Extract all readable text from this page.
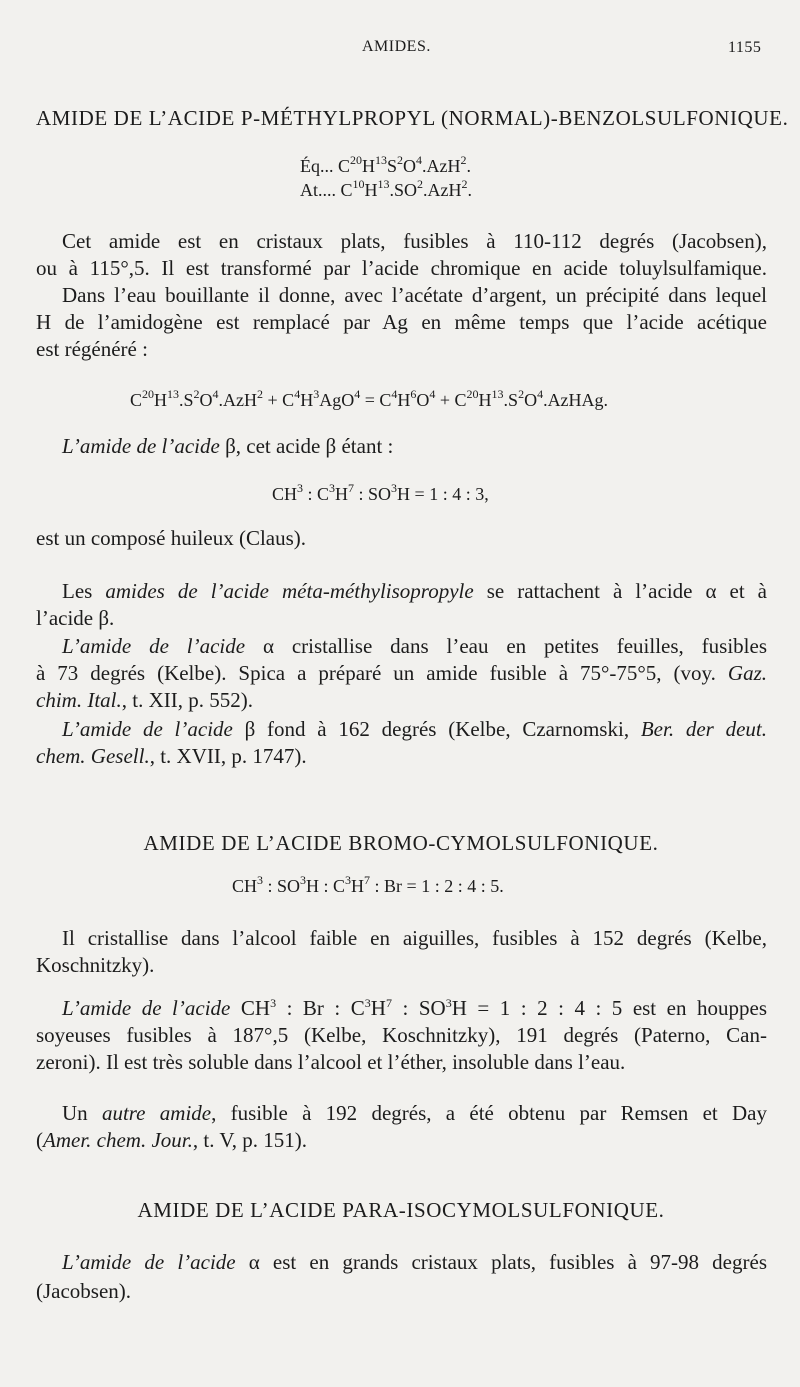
AMIDES.	1155
AMIDE DE L’ACIDE P-MÉTHYLPROPYL (NORMAL)-BENZOLSULFONIQUE.
Éq... $C^{20}H^{13}S^2O^4.AzH^2$.
At.... $C^{10}H^{13}.SO^2.AzH^2$.
Cet amide est en cristaux plats, fusibles à 110-112 degrés (Jacobsen),
ou à 115°,5. Il est transformé par l’acide chromique en acide toluylsulfamique.
Dans l’eau bouillante il donne, avec l’acétate d’argent, un précipité dans lequel
H de l’amidogène est remplacé par Ag en même temps que l’acide acétique
est régénéré :
$C^{20}H^{13}.S^2O^4.AzH^2 + C^4H^3AgO^4 = C^4H^6O^4$ + $C^{20}H^{13}.S^2O^4.AzHAg$.
L’amide de l’acide β, cet acide β étant :
$CH^3$ : $C^3H^7$ : $SO^3H = 1$ : 4 : 3,
est un composé huileux (Claus).
Les amides de l’acide méta-méthylisopropyle se rattachent à l’acide α et à
l’acide β.
L’amide de l’acide α cristallise dans l’eau en petites feuilles, fusibles
à 73 degrés (Kelbe). Spica a préparé un amide fusible à 75°-75°5, (voy. Gaz.
chim. Ital., t. XII, p. 552).
L’amide de l’acide β fond à 162 degrés (Kelbe, Czarnomski, Ber. der deut.
chem. Gesell., t. XVII, p. 1747).
AMIDE DE L’ACIDE BROMO-CYMOLSULFONIQUE.
$CH^3$ : $SO^3H$ : $C^3H^7$ : Br = 1 : 2 : 4 : 5.
Il cristallise dans l’alcool faible en aiguilles, fusibles à 152 degrés (Kelbe,
Koschnitzky).
L’amide de l’acide $CH^3$ : Br : $C^3H^7$ : $SO^3H = 1$ : 2 : 4 : 5 est en houppes
soyeuses fusibles à 187°,5 (Kelbe, Koschnitzky), 191 degrés (Paterno, Can-
zeroni). Il est très soluble dans l’alcool et l’éther, insoluble dans l’eau.
Un autre amide, fusible à 192 degrés, a été obtenu par Remsen et Day
(Amer. chem. Jour., t. V, p. 151).
AMIDE DE L’ACIDE PARA-ISOCYMOLSULFONIQUE.
L’amide de l’acide α est en grands cristaux plats, fusibles à 97-98 degrés
(Jacobsen).
